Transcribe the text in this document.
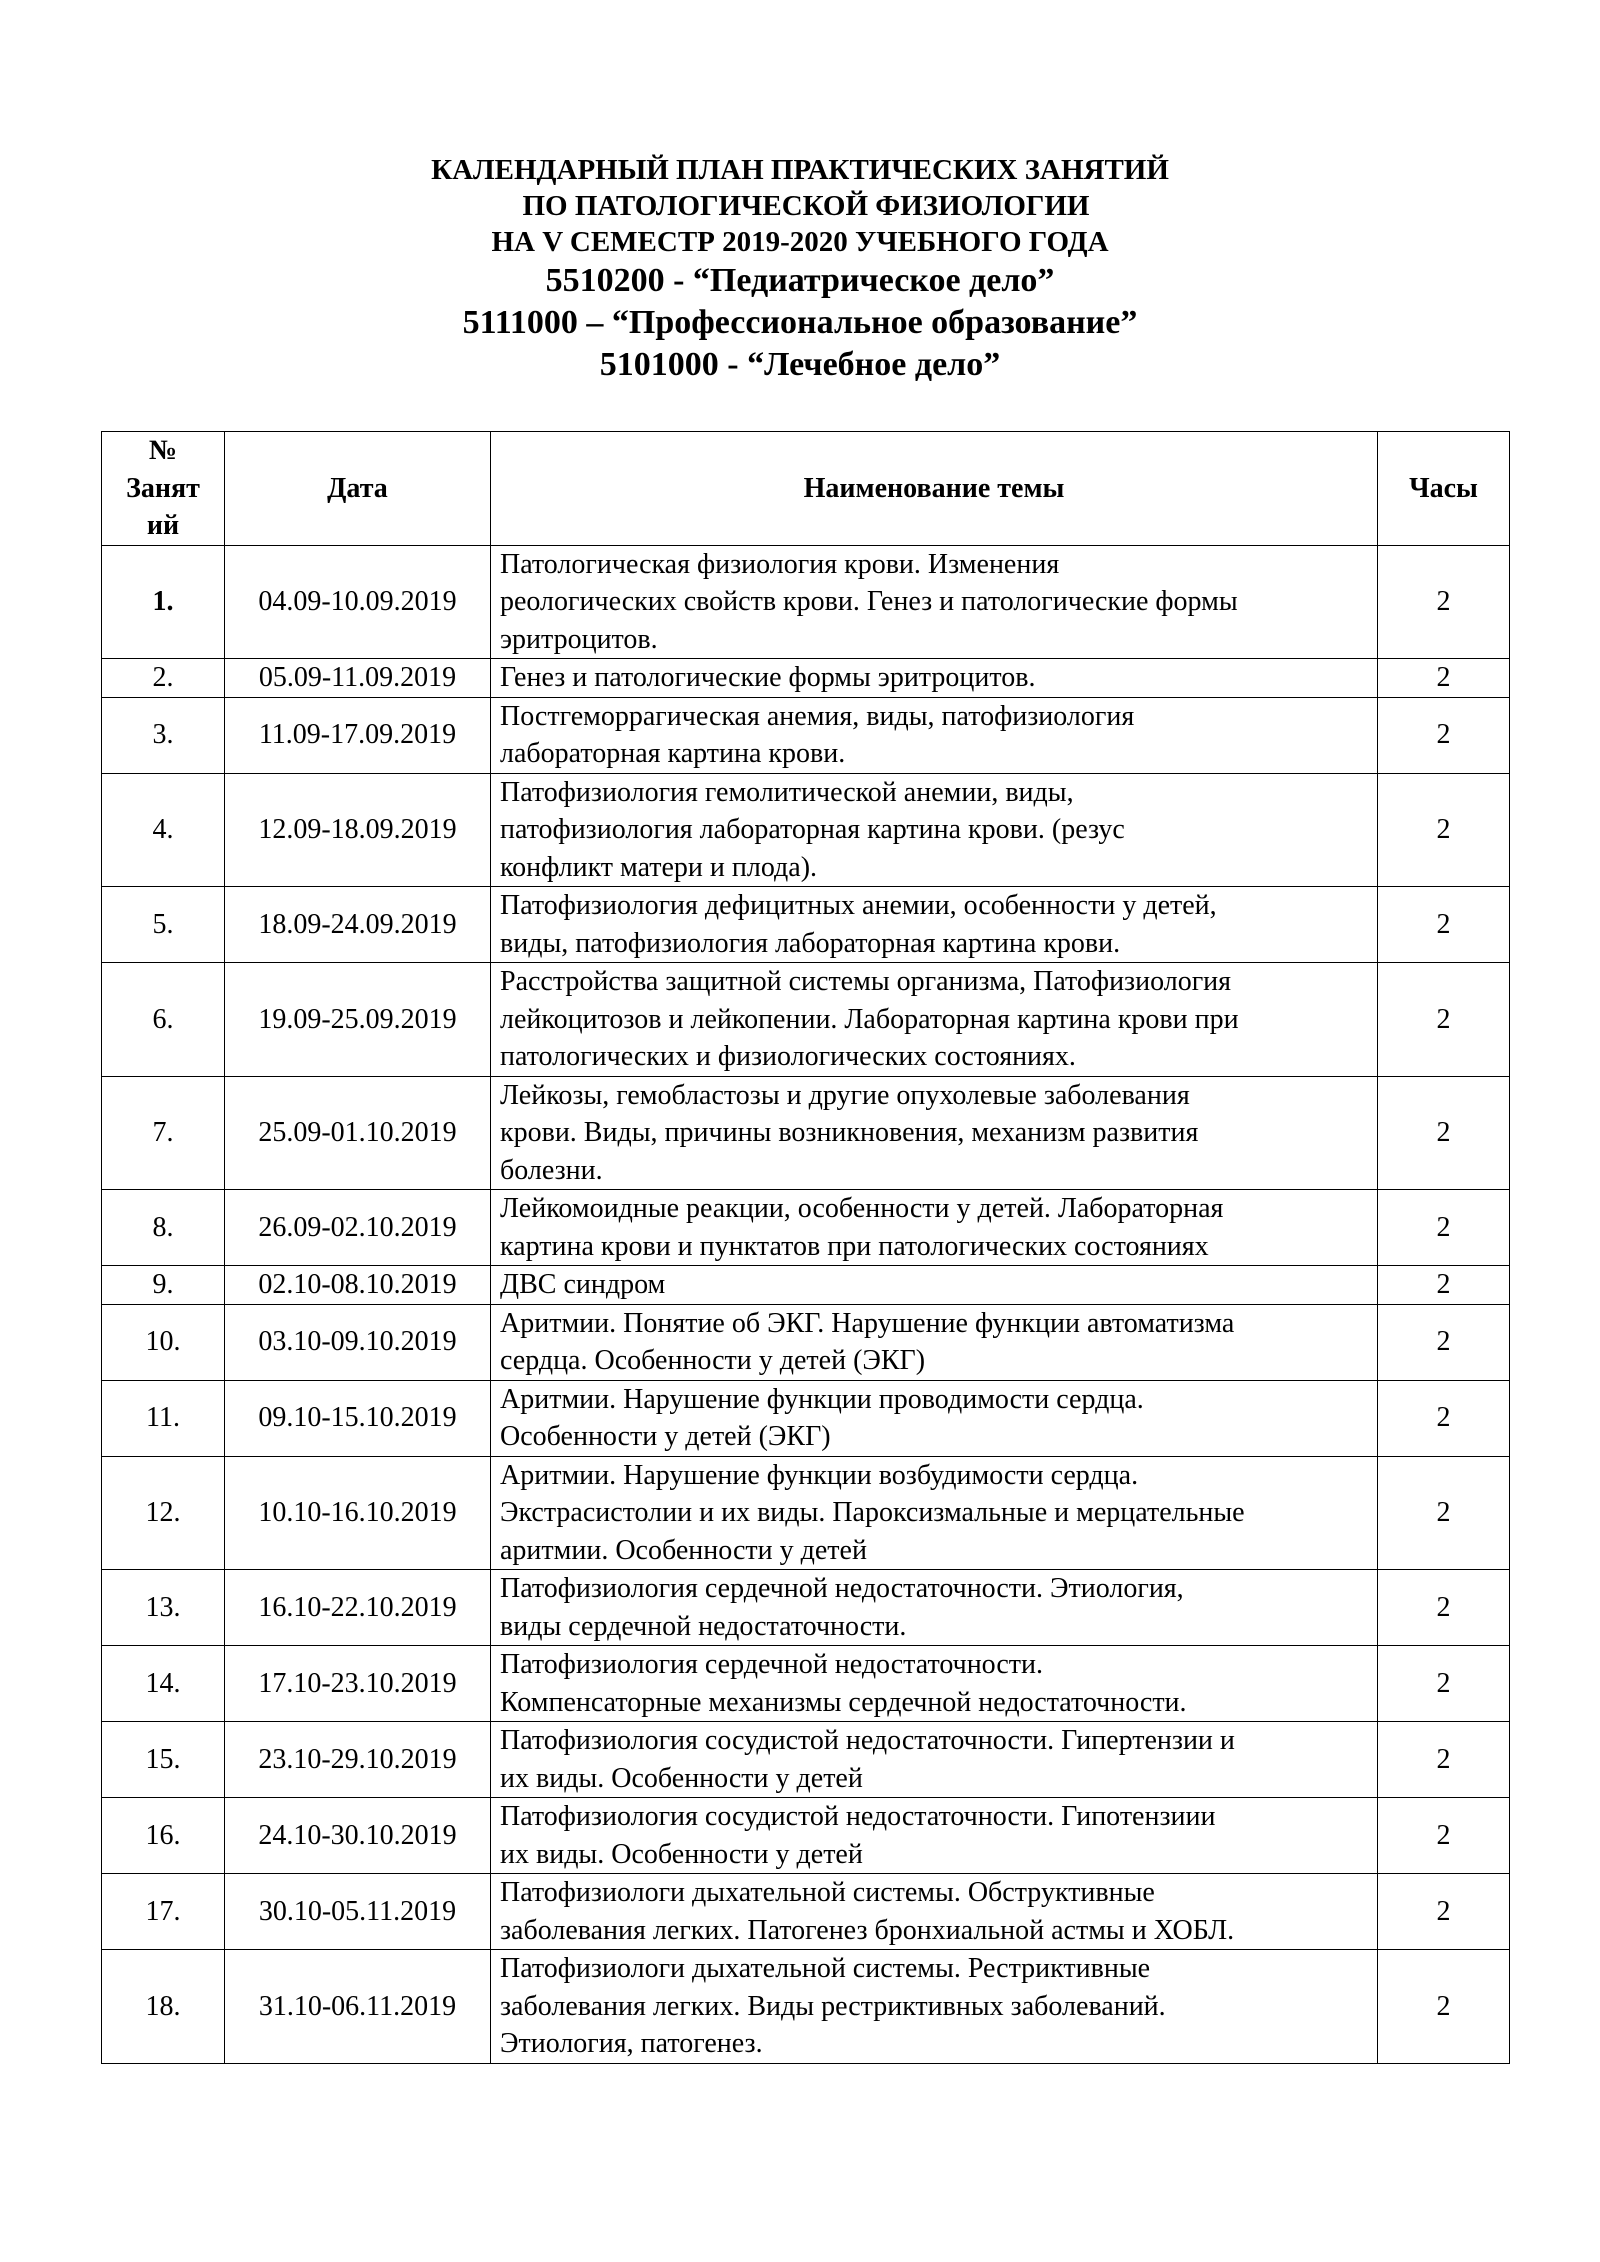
КАЛЕНДАРНЫЙ ПЛАН ПРАКТИЧЕСКИХ ЗАНЯТИЙ
ПО ПАТОЛОГИЧЕСКОЙ ФИЗИОЛОГИИ
НА V СЕМЕСТР 2019-2020 УЧЕБНОГО ГОДА
5510200 - “Педиатрическое дело”
5111000 – “Профессиональное образование”
5101000 - “Лечебное дело”
№
Занят
ий	Дата	Наименование темы	Часы
1.	04.09-10.09.2019	Патологическая физиология крови. Изменения
реологических свойств крови. Генез и патологические формы
эритроцитов.	2
2.	05.09-11.09.2019	Генез и патологические формы эритроцитов.	2
3.	11.09-17.09.2019	Постгеморрагическая анемия, виды, патофизиология
лабораторная картина крови.	2
4.	12.09-18.09.2019	Патофизиология гемолитической анемии, виды,
патофизиология лабораторная картина крови. (резус
конфликт матери и плода).	2
5.	18.09-24.09.2019	Патофизиология дефицитных анемии, особенности у детей,
виды, патофизиология лабораторная картина крови.	2
6.	19.09-25.09.2019	Расстройства защитной системы организма, Патофизиология
лейкоцитозов и лейкопении. Лабораторная картина крови при
патологических и физиологических состояниях.	2
7.	25.09-01.10.2019	Лейкозы, гемобластозы и другие опухолевые заболевания
крови. Виды, причины возникновения, механизм развития
болезни.	2
8.	26.09-02.10.2019	Лейкомоидные реакции, особенности у детей. Лабораторная
картина крови и пунктатов при патологических состояниях	2
9.	02.10-08.10.2019	ДВС синдром	2
10.	03.10-09.10.2019	Аритмии. Понятие об ЭКГ. Нарушение функции автоматизма
сердца. Особенности у детей (ЭКГ)	2
11.	09.10-15.10.2019	Аритмии. Нарушение функции проводимости сердца.
Особенности у детей (ЭКГ)	2
12.	10.10-16.10.2019	Аритмии. Нарушение функции возбудимости сердца.
Экстрасистолии и их виды. Пароксизмальные и мерцательные
аритмии. Особенности у детей	2
13.	16.10-22.10.2019	Патофизиология сердечной недостаточности. Этиология,
виды сердечной недостаточности.	2
14.	17.10-23.10.2019	Патофизиология сердечной недостаточности.
Компенсаторные механизмы сердечной недостаточности.	2
15.	23.10-29.10.2019	Патофизиология сосудистой недостаточности. Гипертензии и
их виды. Особенности у детей	2
16.	24.10-30.10.2019	Патофизиология сосудистой недостаточности. Гипотензиии
их виды. Особенности у детей	2
17.	30.10-05.11.2019	Патофизиологи дыхательной системы. Обструктивные
заболевания легких. Патогенез бронхиальной астмы и ХОБЛ.	2
18.	31.10-06.11.2019	Патофизиологи дыхательной системы. Рестриктивные
заболевания легких. Виды рестриктивных заболеваний.
Этиология, патогенез.	2
